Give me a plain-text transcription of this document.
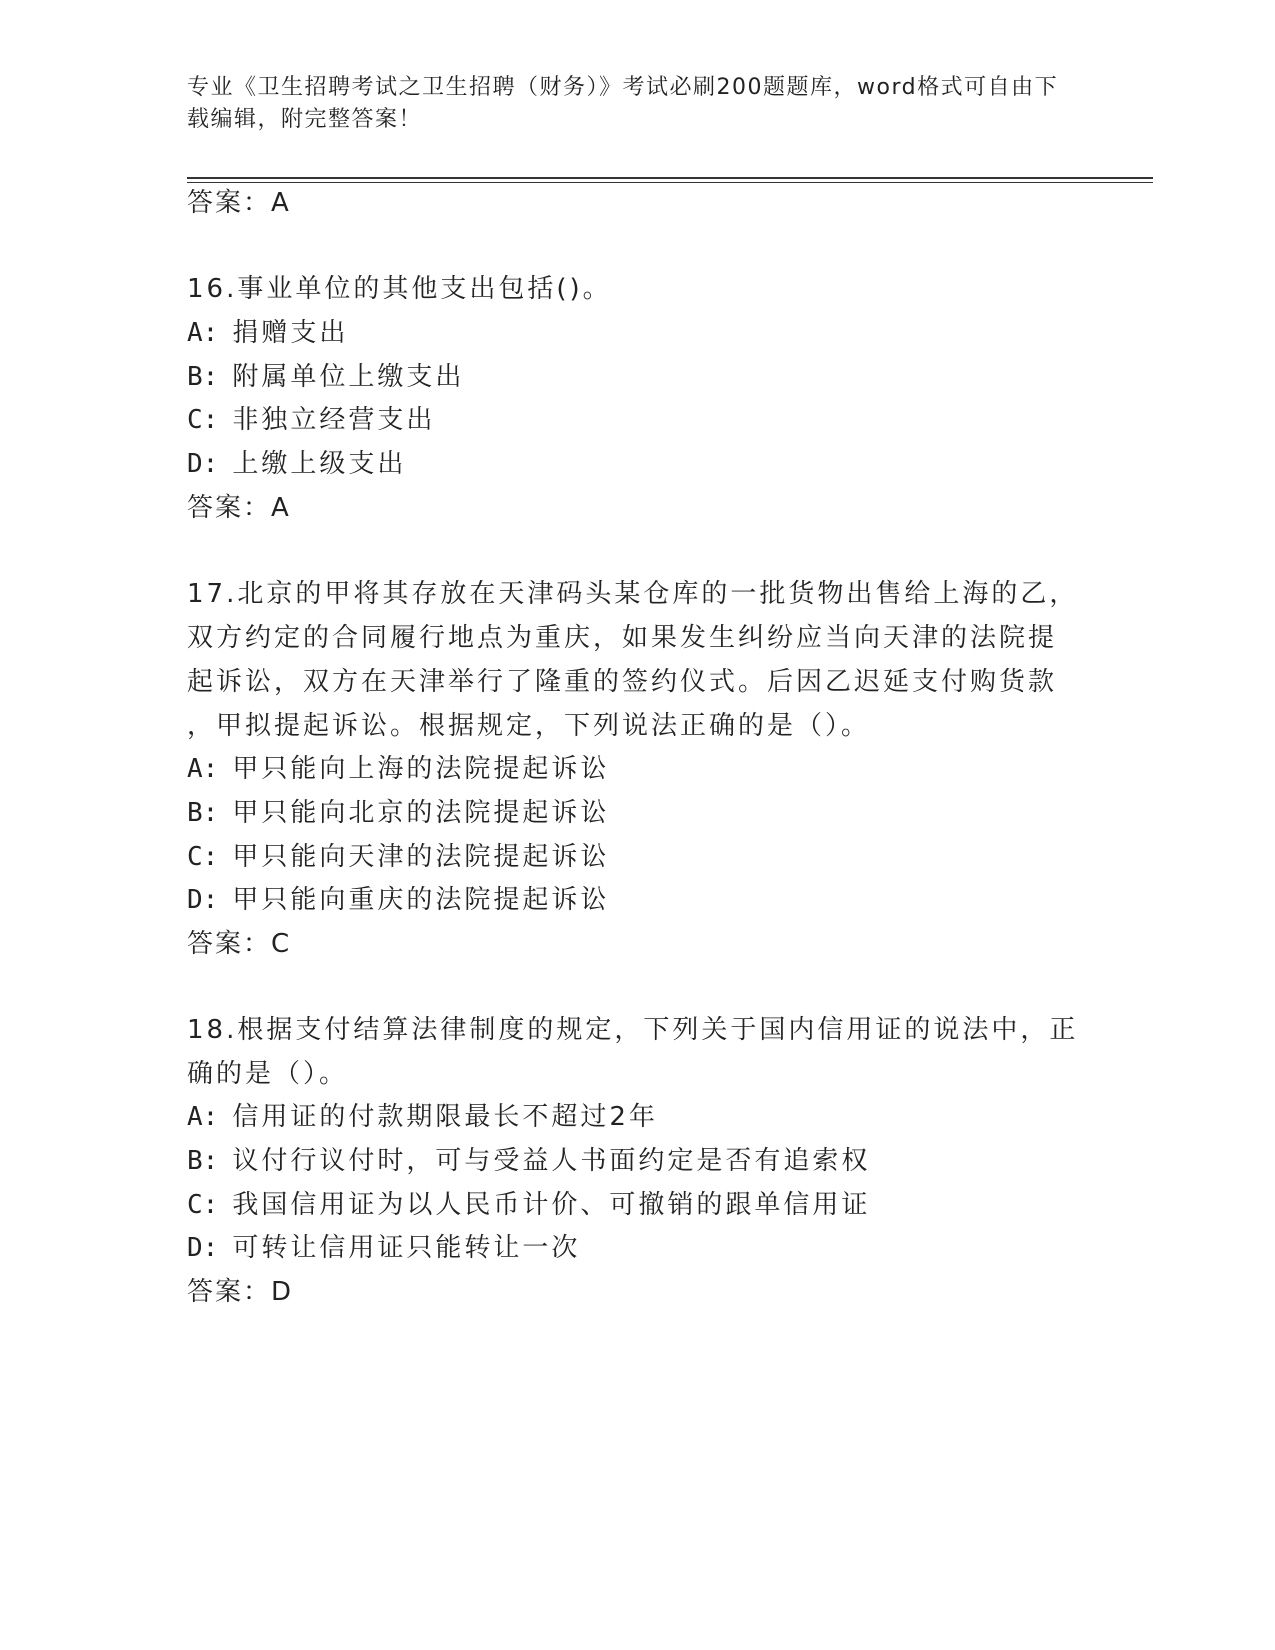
专业《卫生招聘考试之卫生招聘（财务）》考试必刷200题题库，word格式可自由下载编辑，附完整答案！
答案：A
16.事业单位的其他支出包括()。
A: 捐赠支出
B: 附属单位上缴支出
C: 非独立经营支出
D: 上缴上级支出
答案：A
17.北京的甲将其存放在天津码头某仓库的一批货物出售给上海的乙，
双方约定的合同履行地点为重庆，如果发生纠纷应当向天津的法院提
起诉讼，双方在天津举行了隆重的签约仪式。后因乙迟延支付购货款
，甲拟提起诉讼。根据规定，下列说法正确的是（）。
A: 甲只能向上海的法院提起诉讼
B: 甲只能向北京的法院提起诉讼
C: 甲只能向天津的法院提起诉讼
D: 甲只能向重庆的法院提起诉讼
答案：C
18.根据支付结算法律制度的规定，下列关于国内信用证的说法中，正
确的是（）。
A: 信用证的付款期限最长不超过2年
B: 议付行议付时，可与受益人书面约定是否有追索权
C: 我国信用证为以人民币计价、可撤销的跟单信用证
D: 可转让信用证只能转让一次
答案：D
